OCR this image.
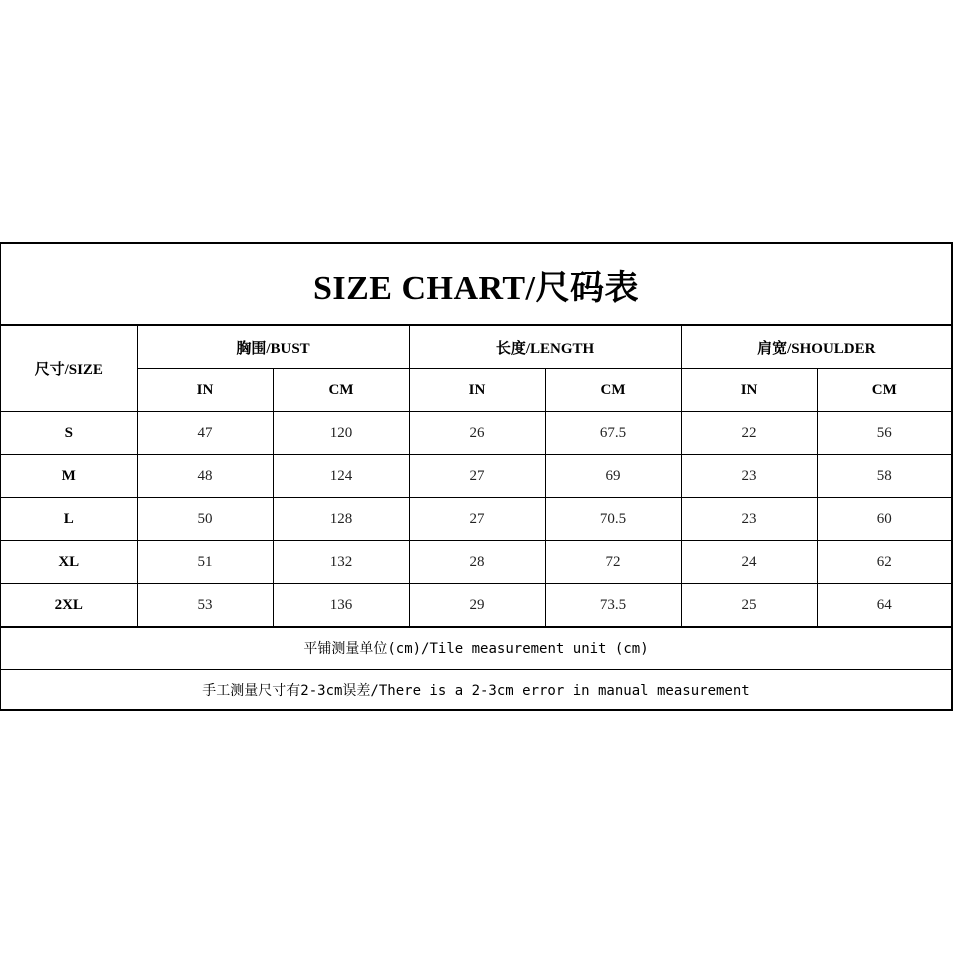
SIZE CHART/尺码表
尺寸/SIZE	胸围/BUST		长度/LENGTH		肩宽/SHOULDER	
	IN	CM	IN	CM	IN	CM
S	47	120	26	67.5	22	56
M	48	124	27	69	23	58
L	50	128	27	70.5	23	60
XL	51	132	28	72	24	62
2XL	53	136	29	73.5	25	64
平铺测量单位(cm)/Tile measurement unit (cm)
手工测量尺寸有2-3cm误差/There is a 2-3cm error in manual measurement
